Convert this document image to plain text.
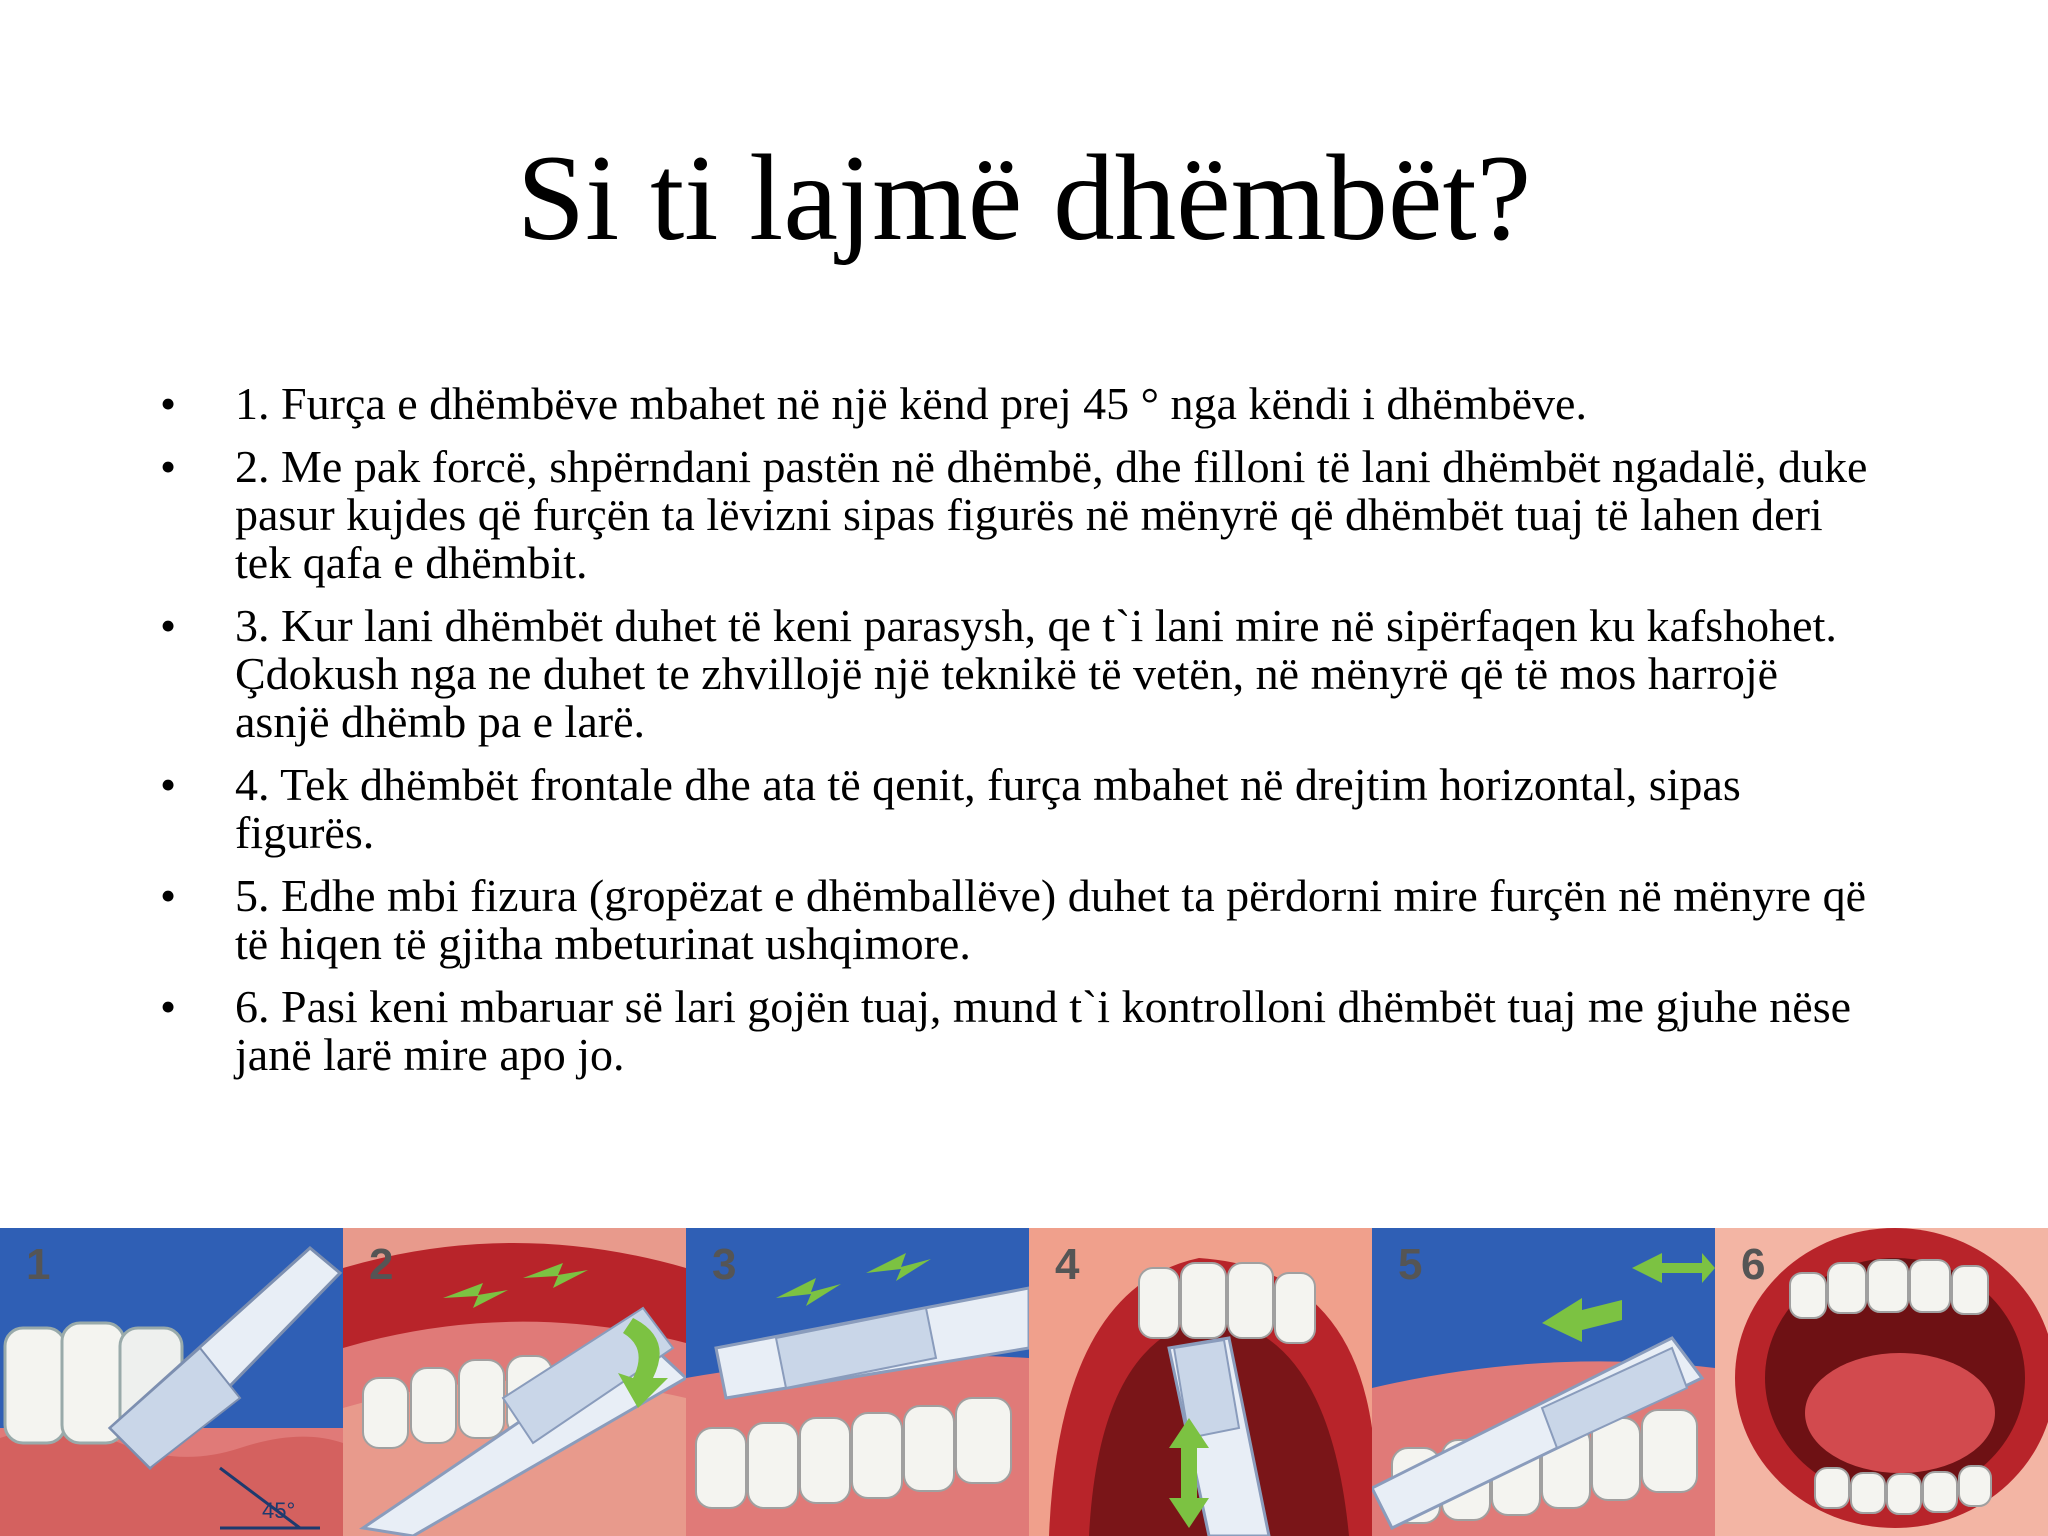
Si ti lajmë dhëmbët?
• 1. Furça e dhëmbëve mbahet në një kënd prej 45 ° nga këndi i dhëmbëve.
• 2. Me pak forcë, shpërndani pastën në dhëmbë, dhe filloni të lani dhëmbët ngadalë, duke pasur kujdes që furçën ta lëvizni sipas figurës në mënyrë që dhëmbët tuaj të lahen deri tek qafa e dhëmbit.
• 3. Kur lani dhëmbët duhet të keni parasysh, qe t`i lani mire në sipërfaqen ku kafshohet. Çdokush nga ne duhet te zhvillojë një teknikë të vetën, në mënyrë që të mos harrojë asnjë dhëmb pa e larë.
• 4. Tek dhëmbët frontale dhe ata të qenit, furça mbahet në drejtim horizontal, sipas figurës.
• 5. Edhe mbi fizura (gropëzat e dhëmballëve) duhet ta përdorni mire furçën në mënyre që të hiqen të gjitha mbeturinat ushqimore.
• 6. Pasi keni mbaruar së lari gojën tuaj, mund t`i kontrolloni dhëmbët tuaj me gjuhe nëse janë larë mire apo jo.
45°
1	2	3	4	5	6
